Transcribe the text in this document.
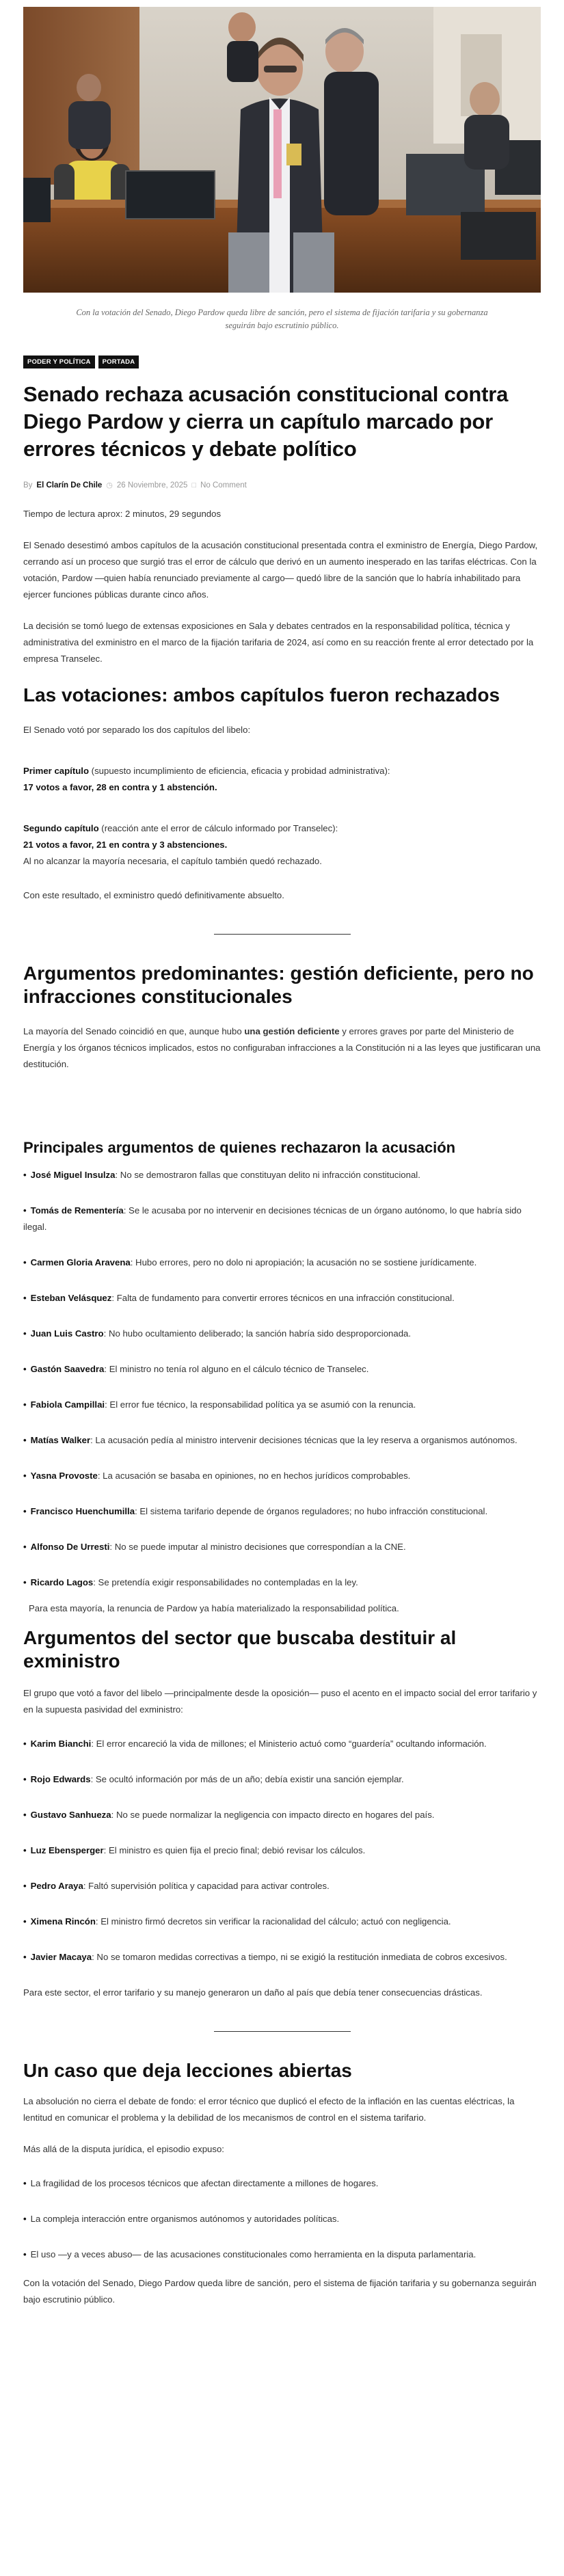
Con la votación del Senado, Diego Pardow queda libre de sanción, pero el sistema de fijación tarifaria y su gobernanza seguirán bajo escrutinio público.

PODER Y POLÍTICA	PORTADA
Senado rechaza acusación constitucional contra Diego Pardow y cierra un capítulo marcado por errores técnicos y debate político
By El Clarín De Chile ◷ 26 Noviembre, 2025 □ No Comment

Tiempo de lectura aprox: 2 minutos, 29 segundos

El Senado desestimó ambos capítulos de la acusación constitucional presentada contra el exministro de Energía, Diego Pardow, cerrando así un proceso que surgió tras el error de cálculo que derivó en un aumento inesperado en las tarifas eléctricas. Con la votación, Pardow —quien había renunciado previamente al cargo— quedó libre de la sanción que lo habría inhabilitado para ejercer funciones públicas durante cinco años.

La decisión se tomó luego de extensas exposiciones en Sala y debates centrados en la responsabilidad política, técnica y administrativa del exministro en el marco de la fijación tarifaria de 2024, así como en su reacción frente al error detectado por la empresa Transelec.

Las votaciones: ambos capítulos fueron rechazados

El Senado votó por separado los dos capítulos del libelo:

Primer capítulo (supuesto incumplimiento de eficiencia, eficacia y probidad administrativa):

17 votos a favor, 28 en contra y 1 abstención.

Segundo capítulo (reacción ante el error de cálculo informado por Transelec):

21 votos a favor, 21 en contra y 3 abstenciones.

Al no alcanzar la mayoría necesaria, el capítulo también quedó rechazado.

Con este resultado, el exministro quedó definitivamente absuelto.

Argumentos predominantes: gestión deficiente, pero no infracciones constitucionales

La mayoría del Senado coincidió en que, aunque hubo una gestión deficiente y errores graves por parte del Ministerio de Energía y los órganos técnicos implicados, estos no configuraban infracciones a la Constitución ni a las leyes que justificaran una destitución.

Principales argumentos de quienes rechazaron la acusación
• José Miguel Insulza: No se demostraron fallas que constituyan delito ni infracción constitucional.
• Tomás de Rementería: Se le acusaba por no intervenir en decisiones técnicas de un órgano autónomo, lo que habría sido ilegal.
• Carmen Gloria Aravena: Hubo errores, pero no dolo ni apropiación; la acusación no se sostiene jurídicamente.
• Esteban Velásquez: Falta de fundamento para convertir errores técnicos en una infracción constitucional.
• Juan Luis Castro: No hubo ocultamiento deliberado; la sanción habría sido desproporcionada.
• Gastón Saavedra: El ministro no tenía rol alguno en el cálculo técnico de Transelec.
• Fabiola Campillai: El error fue técnico, la responsabilidad política ya se asumió con la renuncia.
• Matías Walker: La acusación pedía al ministro intervenir decisiones técnicas que la ley reserva a organismos autónomos.
• Yasna Provoste: La acusación se basaba en opiniones, no en hechos jurídicos comprobables.
• Francisco Huenchumilla: El sistema tarifario depende de órganos reguladores; no hubo infracción constitucional.
• Alfonso De Urresti: No se puede imputar al ministro decisiones que correspondían a la CNE.
• Ricardo Lagos: Se pretendía exigir responsabilidades no contempladas en la ley.

Para esta mayoría, la renuncia de Pardow ya había materializado la responsabilidad política.

Argumentos del sector que buscaba destituir al exministro

El grupo que votó a favor del libelo —principalmente desde la oposición— puso el acento en el impacto social del error tarifario y en la supuesta pasividad del exministro:

• Karim Bianchi: El error encareció la vida de millones; el Ministerio actuó como “guardería” ocultando información.
• Rojo Edwards: Se ocultó información por más de un año; debía existir una sanción ejemplar.
• Gustavo Sanhueza: No se puede normalizar la negligencia con impacto directo en hogares del país.
• Luz Ebensperger: El ministro es quien fija el precio final; debió revisar los cálculos.
• Pedro Araya: Faltó supervisión política y capacidad para activar controles.
• Ximena Rincón: El ministro firmó decretos sin verificar la racionalidad del cálculo; actuó con negligencia.
• Javier Macaya: No se tomaron medidas correctivas a tiempo, ni se exigió la restitución inmediata de cobros excesivos.

Para este sector, el error tarifario y su manejo generaron un daño al país que debía tener consecuencias drásticas.

Un caso que deja lecciones abiertas

La absolución no cierra el debate de fondo: el error técnico que duplicó el efecto de la inflación en las cuentas eléctricas, la lentitud en comunicar el problema y la debilidad de los mecanismos de control en el sistema tarifario.

Más allá de la disputa jurídica, el episodio expuso:

• La fragilidad de los procesos técnicos que afectan directamente a millones de hogares.
• La compleja interacción entre organismos autónomos y autoridades políticas.
• El uso —y a veces abuso— de las acusaciones constitucionales como herramienta en la disputa parlamentaria.

Con la votación del Senado, Diego Pardow queda libre de sanción, pero el sistema de fijación tarifaria y su gobernanza seguirán bajo escrutinio público.
